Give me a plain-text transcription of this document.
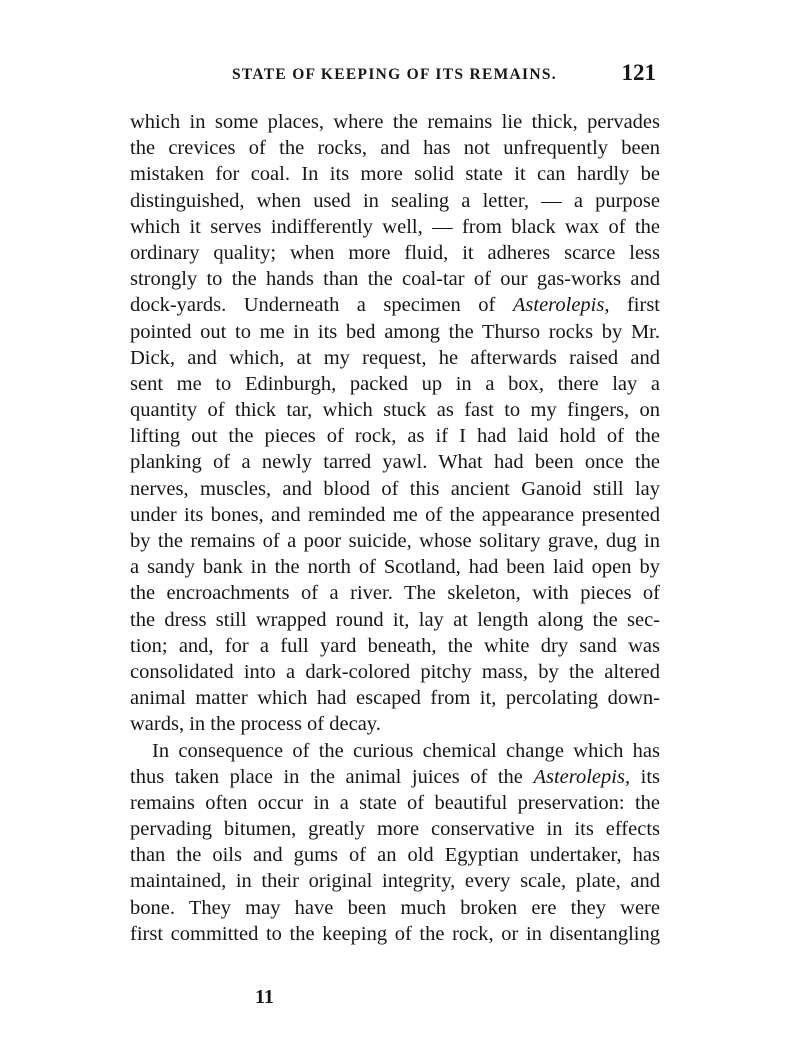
STATE OF KEEPING OF ITS REMAINS.	121
which in some places, where the remains lie thick, pervades
the crevices of the rocks, and has not unfrequently been
mistaken for coal. In its more solid state it can hardly be
distinguished, when used in sealing a letter, — a purpose
which it serves indifferently well, — from black wax of the
ordinary quality; when more fluid, it adheres scarce less
strongly to the hands than the coal-tar of our gas-works and
dock-yards. Underneath a specimen of Asterolepis, first
pointed out to me in its bed among the Thurso rocks by Mr.
Dick, and which, at my request, he afterwards raised and
sent me to Edinburgh, packed up in a box, there lay a
quantity of thick tar, which stuck as fast to my fingers, on
lifting out the pieces of rock, as if I had laid hold of the
planking of a newly tarred yawl. What had been once the
nerves, muscles, and blood of this ancient Ganoid still lay
under its bones, and reminded me of the appearance presented
by the remains of a poor suicide, whose solitary grave, dug in
a sandy bank in the north of Scotland, had been laid open by
the encroachments of a river. The skeleton, with pieces of
the dress still wrapped round it, lay at length along the sec-
tion; and, for a full yard beneath, the white dry sand was
consolidated into a dark-colored pitchy mass, by the altered
animal matter which had escaped from it, percolating down-
wards, in the process of decay.
In consequence of the curious chemical change which has
thus taken place in the animal juices of the Asterolepis, its
remains often occur in a state of beautiful preservation: the
pervading bitumen, greatly more conservative in its effects
than the oils and gums of an old Egyptian undertaker, has
maintained, in their original integrity, every scale, plate, and
bone. They may have been much broken ere they were
first committed to the keeping of the rock, or in disentangling
11
